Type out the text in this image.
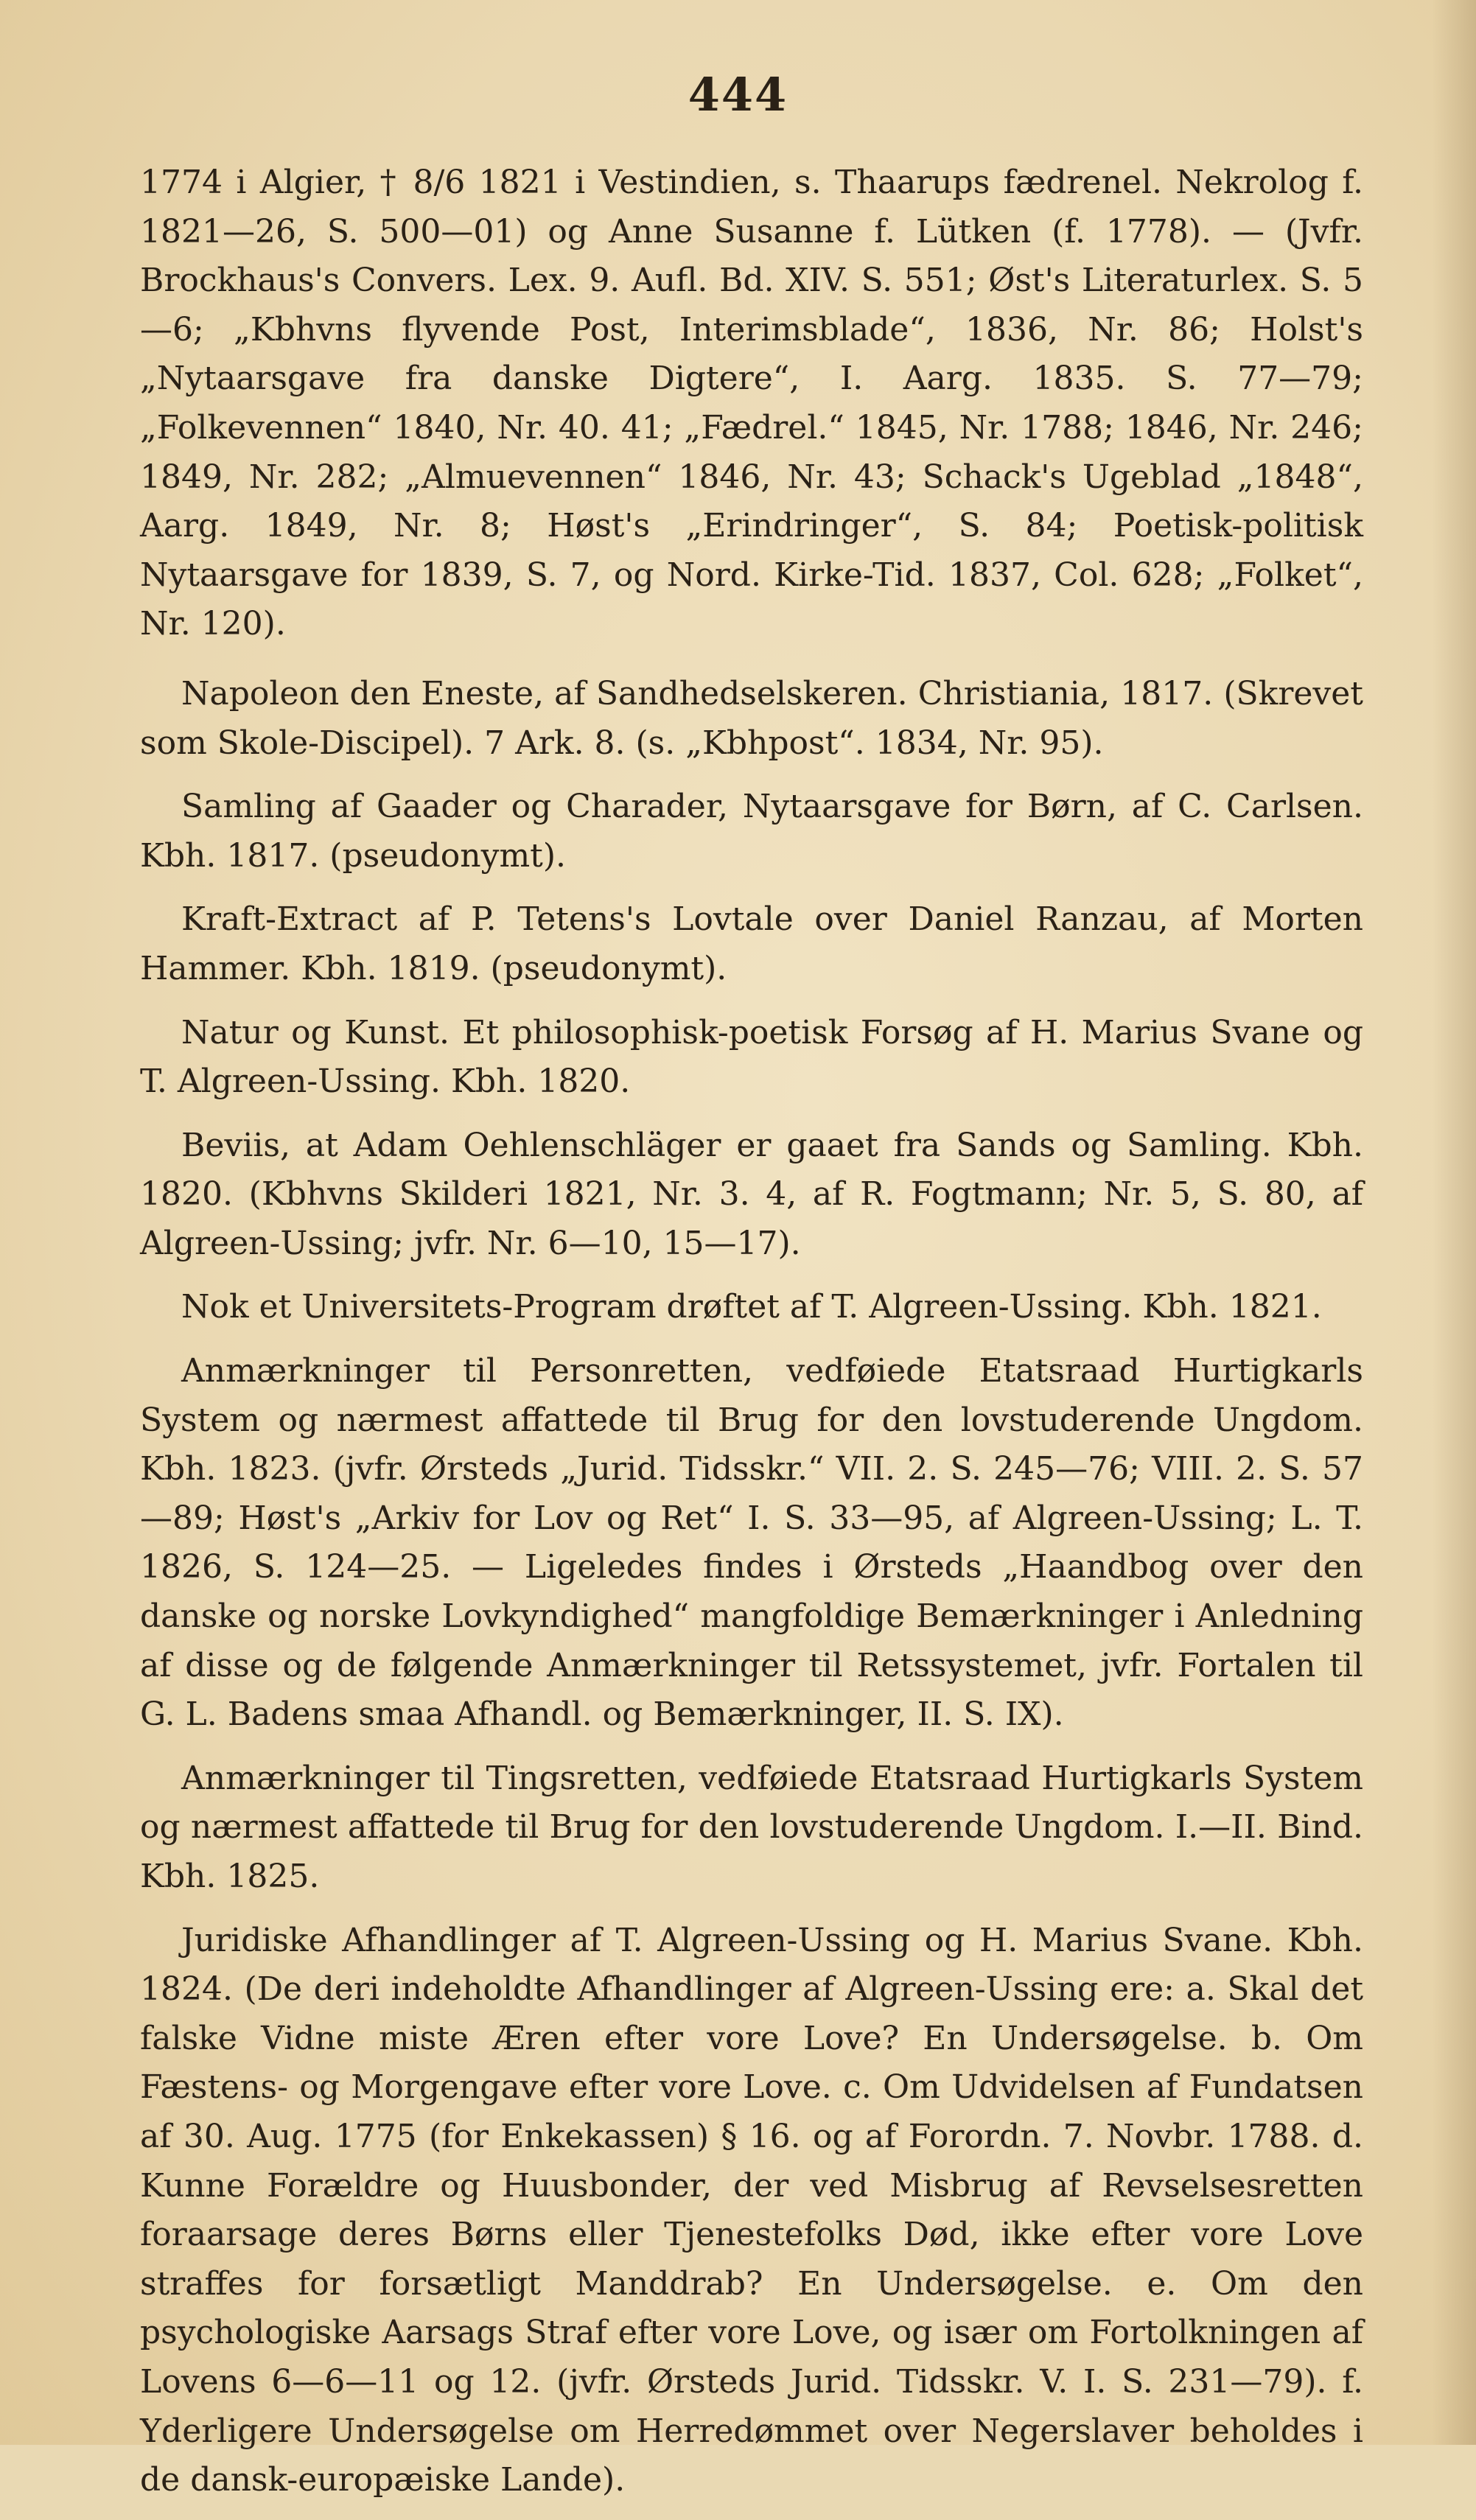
444

1774 i Algier, † 8/6 1821 i Vestindien, s. Thaarups fædrenel. Nekrolog f. 1821—26, S. 500—01) og Anne Susanne f. Lütken (f. 1778). — (Jvfr. Brockhaus's Convers. Lex. 9. Aufl. Bd. XIV. S. 551; Øst's Literaturlex. S. 5—6; „Kbhvns flyvende Post, Interimsblade“, 1836, Nr. 86; Holst's „Nytaarsgave fra danske Digtere“, I. Aarg. 1835. S. 77—79; „Folkevennen“ 1840, Nr. 40. 41; „Fædrel.“ 1845, Nr. 1788; 1846, Nr. 246; 1849, Nr. 282; „Almuevennen“ 1846, Nr. 43; Schack's Ugeblad „1848“, Aarg. 1849, Nr. 8; Høst's „Erindringer“, S. 84; Poetisk-politisk Nytaarsgave for 1839, S. 7, og Nord. Kirke-Tid. 1837, Col. 628; „Folket“, Nr. 120).

Napoleon den Eneste, af Sandhedselskeren. Christiania, 1817. (Skrevet som Skole-Discipel). 7 Ark. 8. (s. „Kbhpost“. 1834, Nr. 95).

Samling af Gaader og Charader, Nytaarsgave for Børn, af C. Carlsen. Kbh. 1817. (pseudonymt).

Kraft-Extract af P. Tetens's Lovtale over Daniel Ranzau, af Morten Hammer. Kbh. 1819. (pseudonymt).

Natur og Kunst. Et philosophisk-poetisk Forsøg af H. Marius Svane og T. Algreen-Ussing. Kbh. 1820.

Beviis, at Adam Oehlenschläger er gaaet fra Sands og Samling. Kbh. 1820. (Kbhvns Skilderi 1821, Nr. 3. 4, af R. Fogtmann; Nr. 5, S. 80, af Algreen-Ussing; jvfr. Nr. 6—10, 15—17).

Nok et Universitets-Program drøftet af T. Algreen-Ussing. Kbh. 1821.

Anmærkninger til Personretten, vedføiede Etatsraad Hurtigkarls System og nærmest affattede til Brug for den lovstuderende Ungdom. Kbh. 1823. (jvfr. Ørsteds „Jurid. Tidsskr.“ VII. 2. S. 245—76; VIII. 2. S. 57—89; Høst's „Arkiv for Lov og Ret“ I. S. 33—95, af Algreen-Ussing; L. T. 1826, S. 124—25. — Ligeledes findes i Ørsteds „Haandbog over den danske og norske Lovkyndighed“ mangfoldige Bemærkninger i Anledning af disse og de følgende Anmærkninger til Retssystemet, jvfr. Fortalen til G. L. Badens smaa Afhandl. og Bemærkninger, II. S. IX).

Anmærkninger til Tingsretten, vedføiede Etatsraad Hurtigkarls System og nærmest affattede til Brug for den lovstuderende Ungdom. I.—II. Bind. Kbh. 1825.

Juridiske Afhandlinger af T. Algreen-Ussing og H. Marius Svane. Kbh. 1824. (De deri indeholdte Afhandlinger af Algreen-Ussing ere: a. Skal det falske Vidne miste Æren efter vore Love? En Undersøgelse. b. Om Fæstens- og Morgengave efter vore Love. c. Om Udvidelsen af Fundatsen af 30. Aug. 1775 (for Enkekassen) § 16. og af Forordn. 7. Novbr. 1788. d. Kunne Forældre og Huusbonder, der ved Misbrug af Revselsesretten foraarsage deres Børns eller Tjenestefolks Død, ikke efter vore Love straffes for forsætligt Manddrab? En Undersøgelse. e. Om den psychologiske Aarsags Straf efter vore Love, og især om Fortolkningen af Lovens 6—6—11 og 12. (jvfr. Ørsteds Jurid. Tidsskr. V. I. S. 231—79). f. Yderligere Undersøgelse om Herredømmet over Negerslaver beholdes i de dansk-europæiske Lande).
